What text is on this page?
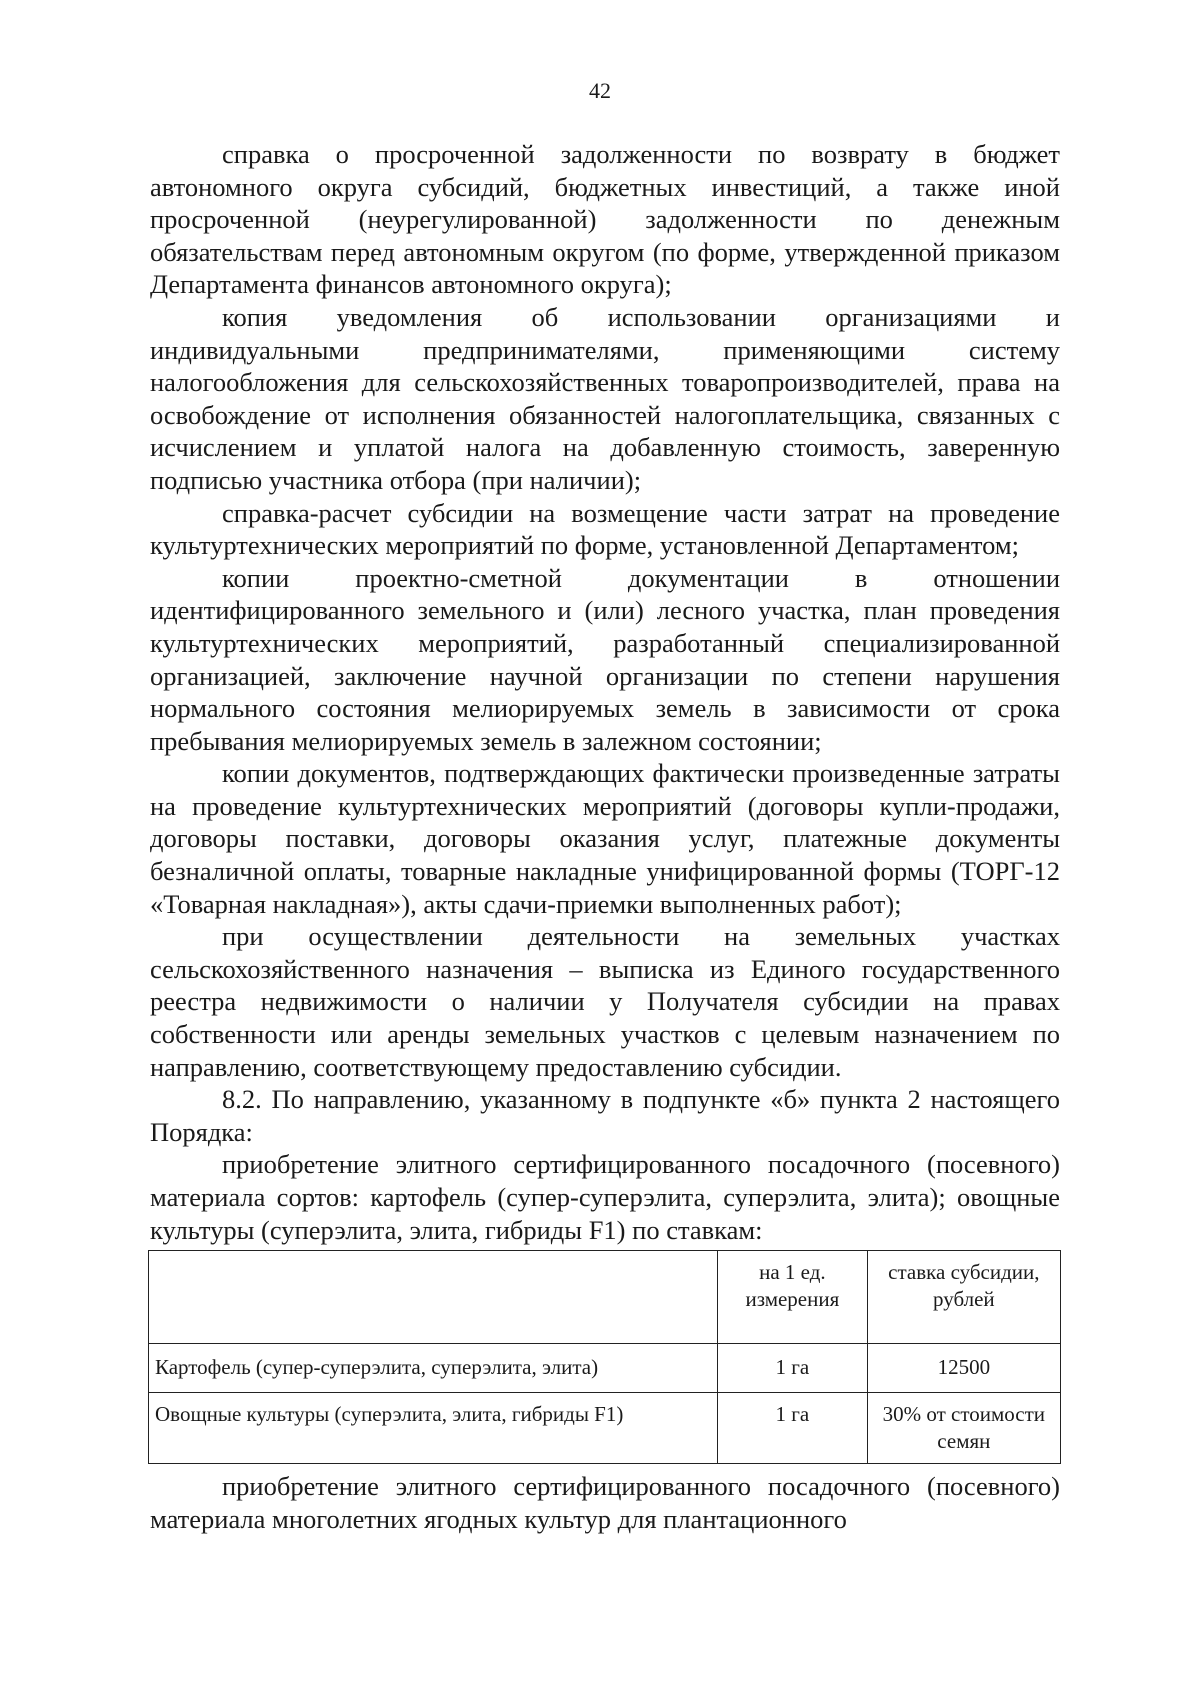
42

справка о просроченной задолженности по возврату в бюджет автономного округа субсидий, бюджетных инвестиций, а также иной просроченной (неурегулированной) задолженности по денежным обязательствам перед автономным округом (по форме, утвержденной приказом Департамента финансов автономного округа);

копия уведомления об использовании организациями и индивидуальными предпринимателями, применяющими систему налогообложения для сельскохозяйственных товаропроизводителей, права на освобождение от исполнения обязанностей налогоплательщика, связанных с исчислением и уплатой налога на добавленную стоимость, заверенную подписью участника отбора (при наличии);

справка-расчет субсидии на возмещение части затрат на проведение культуртехнических мероприятий по форме, установленной Департаментом;

копии проектно-сметной документации в отношении идентифицированного земельного и (или) лесного участка, план проведения культуртехнических мероприятий, разработанный специализированной организацией, заключение научной организации по степени нарушения нормального состояния мелиорируемых земель в зависимости от срока пребывания мелиорируемых земель в залежном состоянии;

копии документов, подтверждающих фактически произведенные затраты на проведение культуртехнических мероприятий (договоры купли-продажи, договоры поставки, договоры оказания услуг, платежные документы безналичной оплаты, товарные накладные унифицированной формы (ТОРГ-12 «Товарная накладная»), акты сдачи-приемки выполненных работ);

при осуществлении деятельности на земельных участках сельскохозяйственного назначения – выписка из Единого государственного реестра недвижимости о наличии у Получателя субсидии на правах собственности или аренды земельных участков с целевым назначением по направлению, соответствующему предоставлению субсидии.

8.2. По направлению, указанному в подпункте «б» пункта 2 настоящего Порядка:

приобретение элитного сертифицированного посадочного (посевного) материала сортов: картофель (супер-суперэлита, суперэлита, элита); овощные культуры (суперэлита, элита, гибриды F1) по ставкам:

	на 1 ед. измерения	ставка субсидии, рублей
Картофель (супер-суперэлита, суперэлита, элита)	1 га	12500
Овощные культуры (суперэлита, элита, гибриды F1)	1 га	30% от стоимости семян

приобретение элитного сертифицированного посадочного (посевного) материала многолетних ягодных культур для плантационного
